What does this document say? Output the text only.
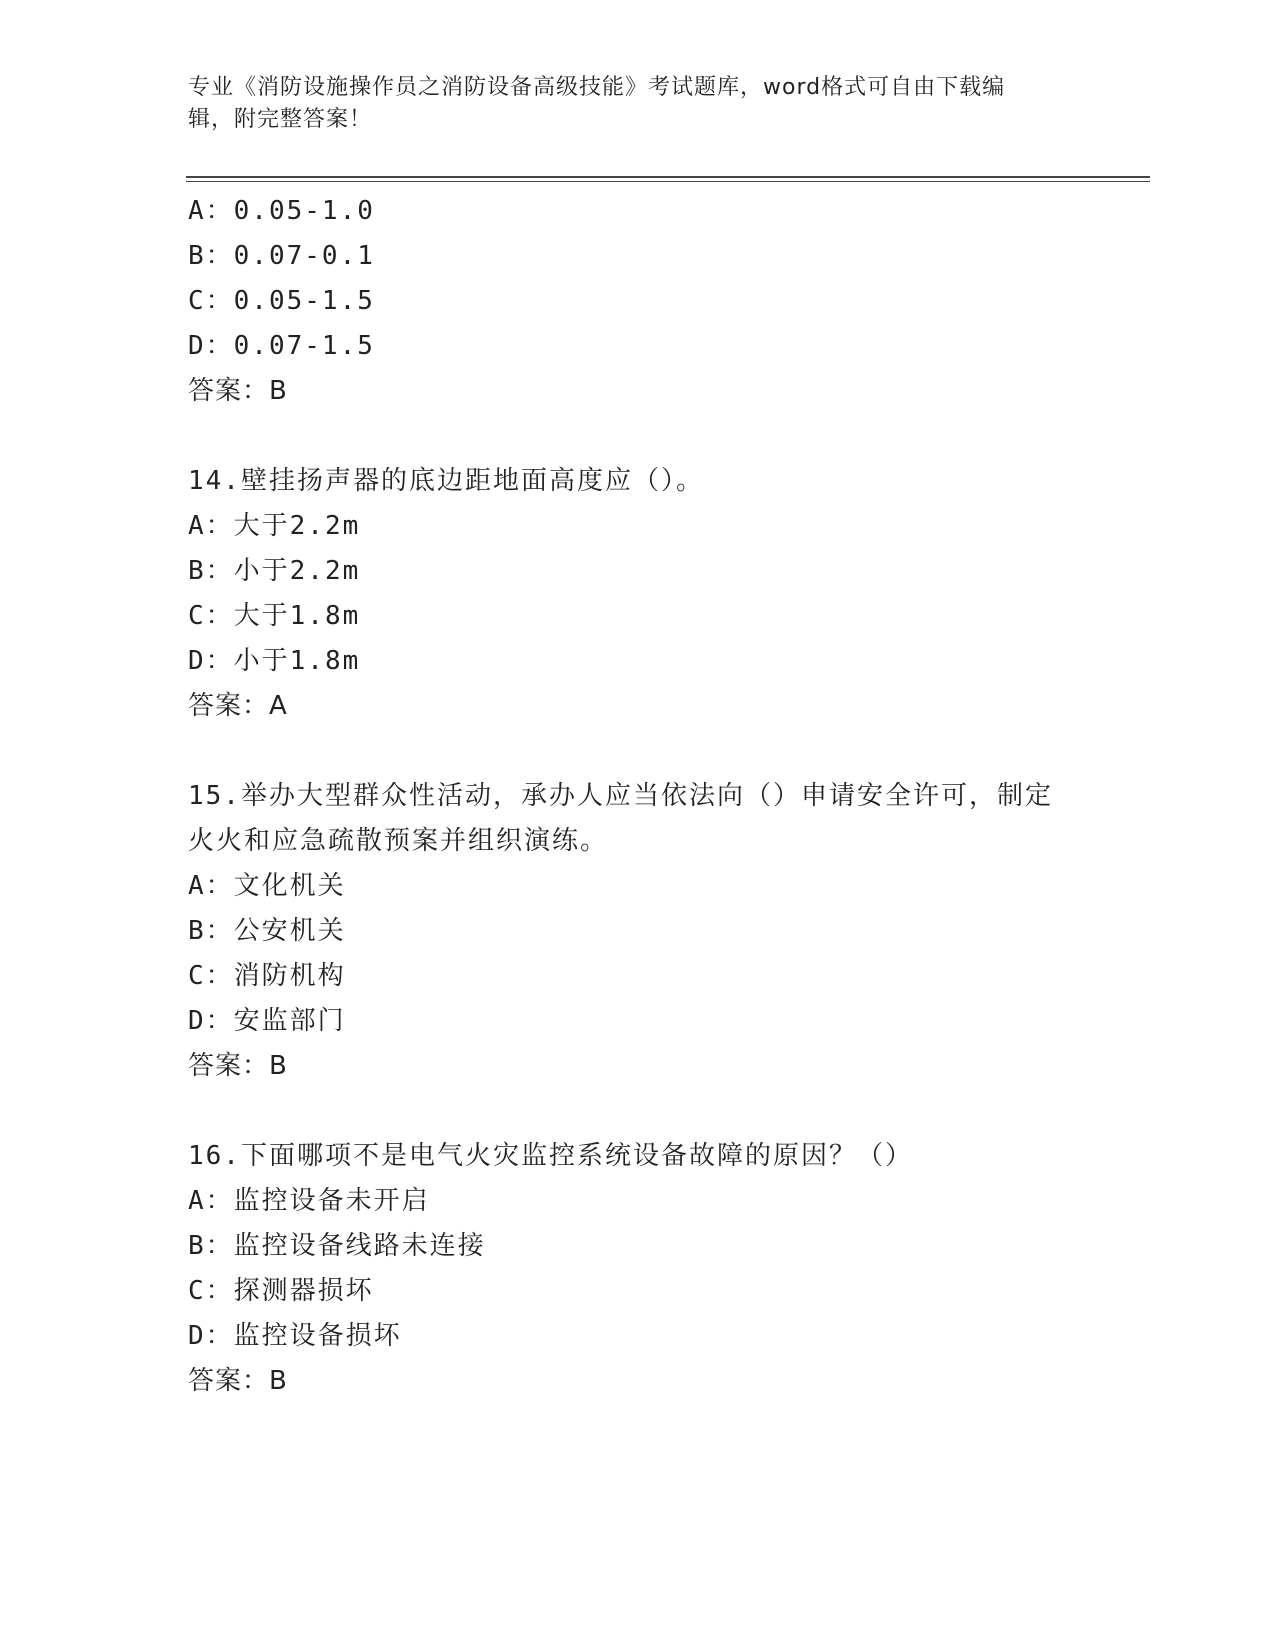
专业《消防设施操作员之消防设备高级技能》考试题库，word格式可自由下载编
辑，附完整答案！
A：0.05-1.0
B：0.07-0.1
C：0.05-1.5
D：0.07-1.5
答案：B
14.壁挂扬声器的底边距地面高度应（）。
A：大于2.2m
B：小于2.2m
C：大于1.8m
D：小于1.8m
答案：A
15.举办大型群众性活动，承办人应当依法向（）申请安全许可，制定
火火和应急疏散预案并组织演练。
A：文化机关
B：公安机关
C：消防机构
D：安监部门
答案：B
16.下面哪项不是电气火灾监控系统设备故障的原因？（）
A：监控设备未开启
B：监控设备线路未连接
C：探测器损坏
D：监控设备损坏
答案：B
